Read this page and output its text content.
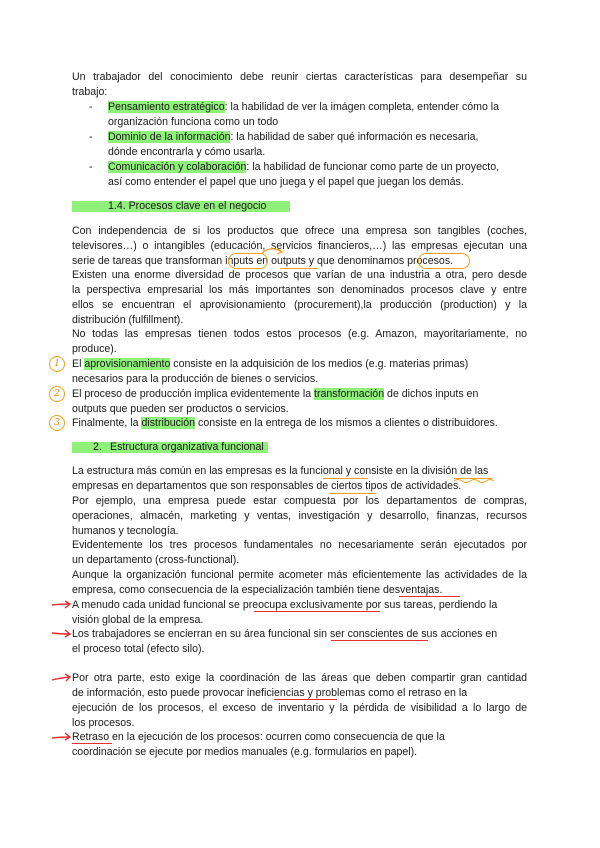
Un trabajador del conocimiento debe reunir ciertas características para desempeñar su
trabajo:
- Pensamiento estratégico: la habilidad de ver la imágen completa, entender cómo la
organización funciona como un todo
- Dominio de la información: la habilidad de saber qué información es necesaria,
dónde encontrarla y cómo usarla.
- Comunicación y colaboración: la habilidad de funcionar como parte de un proyecto,
así como entender el papel que uno juega y el papel que juegan los demás.
1.4. Procesos clave en el negocio
Con independencia de si los productos que ofrece una empresa son tangibles (coches,
televisores…) o intangibles (educación, servicios financieros,…) las empresas ejecutan una
serie de tareas que transforman inputs en outputs y que denominamos procesos.
Existen una enorme diversidad de procesos que varían de una industria a otra, pero desde
la perspectiva empresarial los más importantes son denominados procesos clave y entre
ellos se encuentran el aprovisionamiento (procurement),la producción (production) y la
distribución (fulfillment).
No todas las empresas tienen todos estos procesos (e.g. Amazon, mayoritariamente, no
produce).
1	El aprovisionamiento consiste en la adquisición de los medios (e.g. materias primas)
necesarios para la producción de bienes o servicios.
2	El proceso de producción implica evidentemente la transformación de dichos inputs en
outputs que pueden ser productos o servicios.
3	Finalmente, la distribución consiste en la entrega de los mismos a clientes o distribuidores.
2. Estructura organizativa funcional
La estructura más común en las empresas es la funcional y consiste en la división de las
empresas en departamentos que son responsables de ciertos tipos de actividades.
Por ejemplo, una empresa puede estar compuesta por los departamentos de compras,
operaciones, almacén, marketing y ventas, investigación y desarrollo, finanzas, recursos
humanos y tecnología.
Evidentemente los tres procesos fundamentales no necesariamente serán ejecutados por
un departamento (cross-functional).
Aunque la organización funcional permite acometer más eficientemente las actividades de la
empresa, como consecuencia de la especialización también tiene desventajas.
A menudo cada unidad funcional se preocupa exclusivamente por sus tareas, perdiendo la
visión global de la empresa.
Los trabajadores se encierran en su área funcional sin ser conscientes de sus acciones en
el proceso total (efecto silo).
Por otra parte, esto exige la coordinación de las áreas que deben compartir gran cantidad
de información, esto puede provocar ineficiencias y problemas como el retraso en la
ejecución de los procesos, el exceso de inventario y la pérdida de visibilidad a lo largo de
los procesos.
Retraso en la ejecución de los procesos: ocurren como consecuencia de que la
coordinación se ejecute por medios manuales (e.g. formularios en papel).
